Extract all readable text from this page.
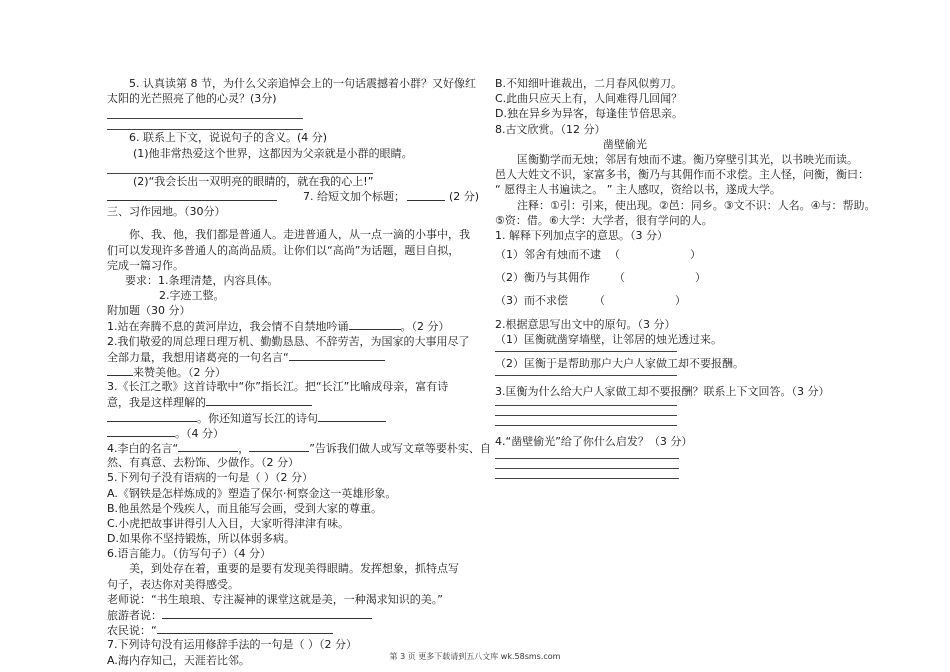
5. 认真读第 8 节，为什么父亲追悼会上的一句话震撼着小群？又好像红
太阳的光芒照亮了他的心灵？(3分)
6. 联系上下文，说说句子的含义。(4 分)
(1)他非常热爱这个世界，这都因为父亲就是小群的眼睛。
(2)“我会长出一双明亮的眼睛的，就在我的心上!”
7. 给短文加个标题；	(2 分)
三、习作园地。（30分）
你、我、他，我们都是普通人。走进普通人，从一点一滴的小事中，我
们可以发现许多普通人的高尚品质。让你们以“高尚”为话题，题目自拟，
完成一篇习作。
要求：1.条理清楚，内容具体。
2.字迹工整。
附加题（30 分）
1.站在奔腾不息的黄河岸边，我会情不自禁地吟诵	。（2 分）
2.我们敬爱的周总理日理万机、勤勤恳恳、不辞劳苦，为国家的大事用尽了
全部力量，我想用诸葛亮的一句名言“
来赞美他。（2 分）
3.《长江之歌》这首诗歌中“你”指长江。把“长江”比喻成母亲，富有诗
意，我是这样理解的
。你还知道写长江的诗句
。（4 分）
4.李白的名言“	，	”告诉我们做人或写文章等要朴实、自
然、有真意、去粉饰、少做作。（2 分）
5.下列句子没有语病的一句是（ ）（2 分）
A.《钢铁是怎样炼成的》塑造了保尔·柯察金这一英雄形象。
B.他虽然是个残疾人，而且能写会画，受到大家的尊重。
C.小虎把故事讲得引人入目，大家听得津津有味。
D.如果你不坚持锻炼，所以体弱多病。
6.语言能力。（仿写句子）（4 分）
美，到处存在着，重要的是要有发现美得眼睛。发挥想象，抓特点写
句子，表达你对美得感受。
老师说：“书生琅琅、专注凝神的课堂这就是美，一种渴求知识的美。”
旅游者说：
农民说：“
7.下列诗句没有运用修辞手法的一句是（ ）（2 分）
A.海内存知己，天涯若比邻。
B.不知细叶谁裁出，二月春风似剪刀。
C.此曲只应天上有，人间难得几回闻？
D.独在异乡为异客，每逢佳节倍思亲。
8.古文欣赏。（12 分）
凿壁偷光
匡衡勤学而无烛；邻居有烛而不逮。衡乃穿壁引其光，以书映光而读。
邑人大姓文不识，家富多书，衡乃与其佣作而不求偿。主人怪，问衡，衡曰：
“ 愿得主人书遍读之。 ” 主人感叹，资给以书，遂成大学。
注释：①引：引来，使出现。②邑：同乡。③文不识：人名。④与：帮助。
⑤资：借。⑥大学：大学者，很有学问的人。
1. 解释下列加点字的意思。（3 分）
（1）邻舍有烛而不逮 （	）
（2）衡乃与其佣作 （	）
（3）而不求偿 （	）
2.根据意思写出文中的原句。（3 分）
（1）匡衡就凿穿墙壁，让邻居的烛光透过来。
（2）匡衡于是帮助那户大户人家做工却不要报酬。
3.匡衡为什么给大户人家做工却不要报酬？联系上下文回答。（3 分）
4.“凿壁偷光”给了你什么启发？（3 分）
第 3 页 更多下载请到五八文库 wk.58sms.com
